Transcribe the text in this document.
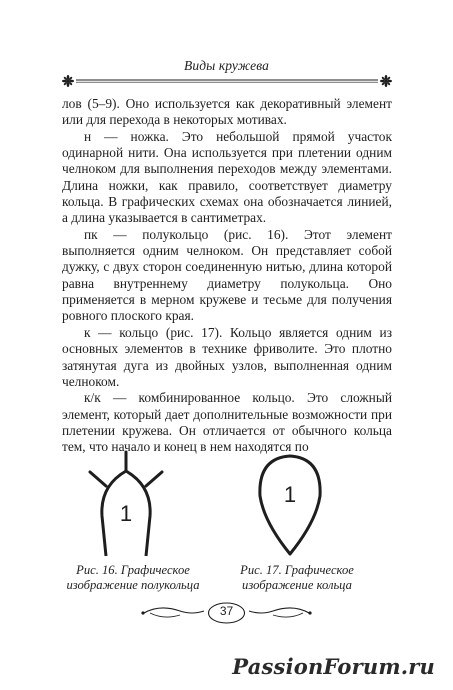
Виды кружева

лов (5–9). Оно используется как декоративный элемент или для перехода в некоторых мотивах.

н — ножка. Это небольшой прямой участок одинарной нити. Она используется при плетении одним челноком для выполнения переходов между элементами. Длина ножки, как правило, соответствует диаметру кольца. В графических схемах она обозначается линией, а длина указывается в сантиметрах.

пк — полукольцо (рис. 16). Этот элемент выполняется одним челноком. Он представляет собой дужку, с двух сторон соединенную нитью, длина которой равна внутреннему диаметру полукольца. Оно применяется в мерном кружеве и тесьме для получения ровного плоского края.

к — кольцо (рис. 17). Кольцо является одним из основных элементов в технике фриволите. Это плотно затянутая дуга из двойных узлов, выполненная одним челноком.

к/к — комбинированное кольцо. Это сложный элемент, который дает дополнительные возможности при плетении кружева. Он отличается от обычного кольца тем, что начало и конец в нем находятся по

1
Рис. 16. Графическое
изображение полукольца
1
Рис. 17. Графическое
изображение кольца
37
PassionForum.ru
